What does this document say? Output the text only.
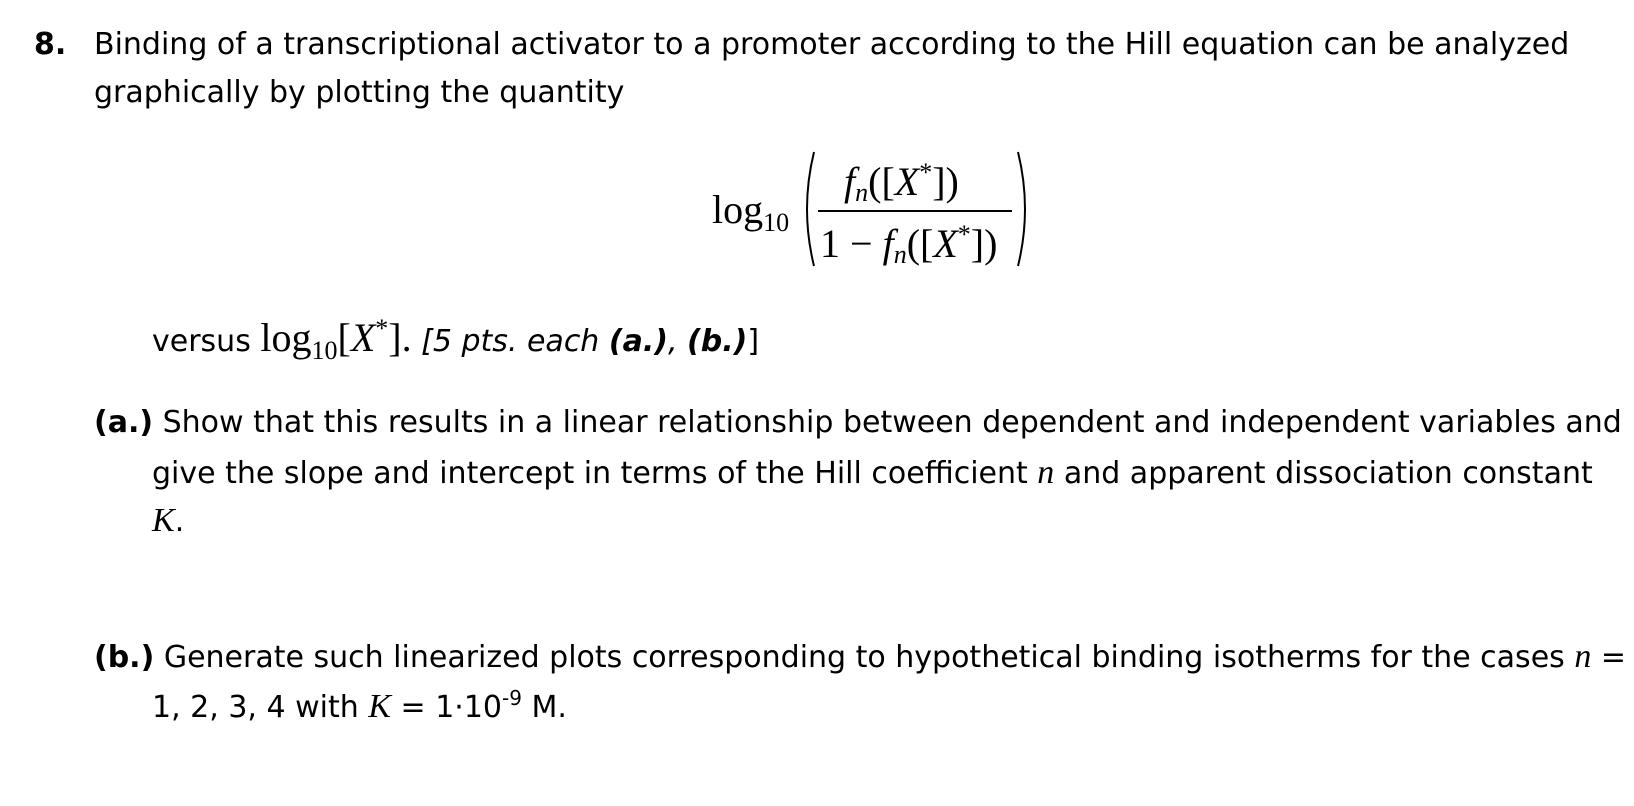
8. Binding of a transcriptional activator to a promoter according to the Hill equation can be analyzed
graphically by plotting the quantity
$\log_{10}$
$f_n([X^*])$
$1 - f_n([X^*])$
versus $\log_{10}[X^*]$. [5 pts. each (a.), (b.)]
(a.) Show that this results in a linear relationship between dependent and independent variables and
give the slope and intercept in terms of the Hill coefficient n and apparent dissociation constant
K.
(b.) Generate such linearized plots corresponding to hypothetical binding isotherms for the cases n =
1, 2, 3, 4 with $K = 1\cdot 10^{-9}$ M.
